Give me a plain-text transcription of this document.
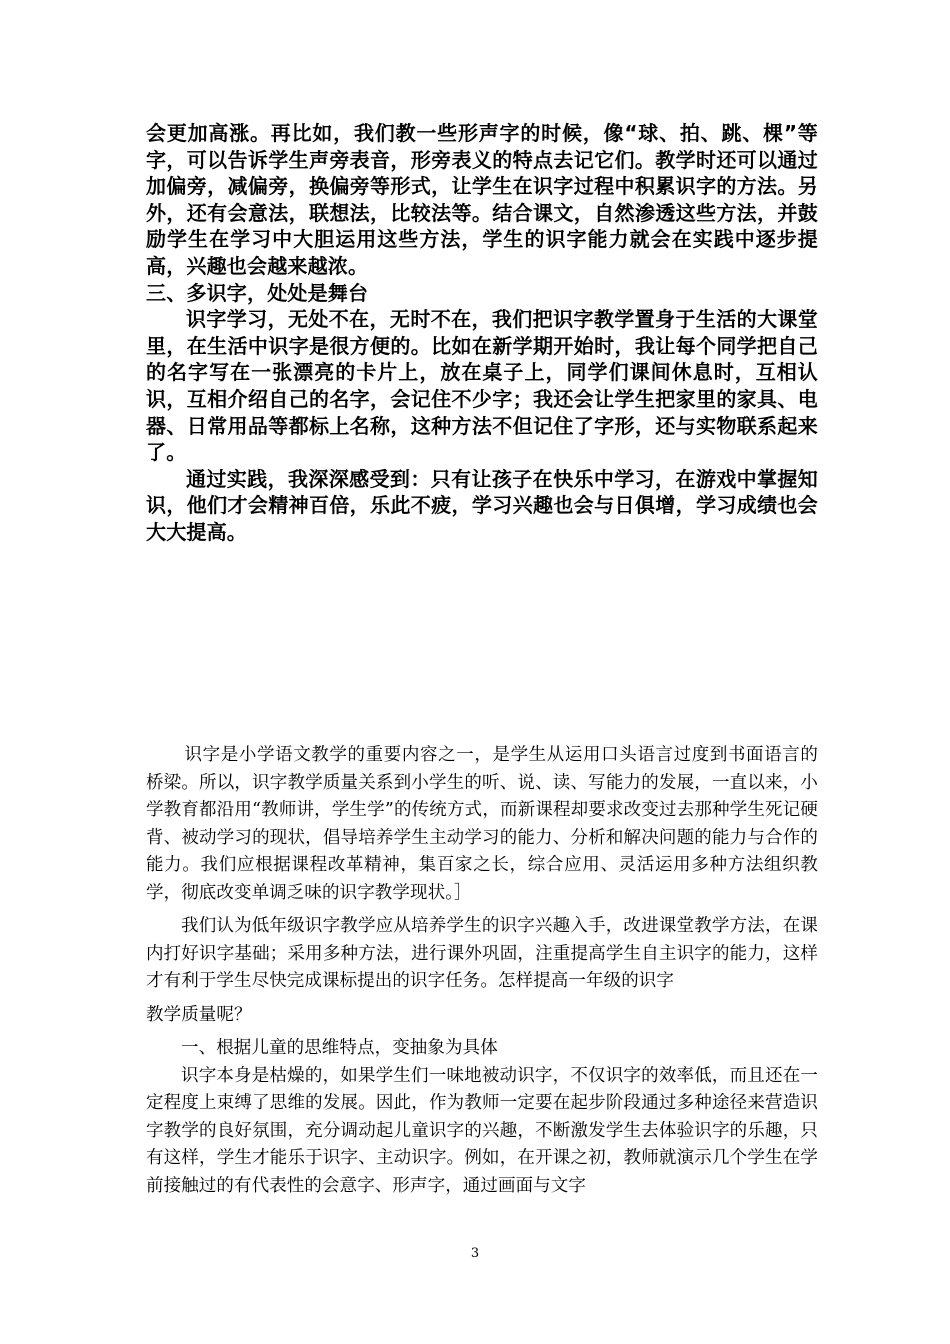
会更加高涨。再比如，我们教一些形声字的时候，像“球、拍、跳、棵”等字，可以告诉学生声旁表音，形旁表义的特点去记它们。教学时还可以通过加偏旁，减偏旁，换偏旁等形式，让学生在识字过程中积累识字的方法。另外，还有会意法，联想法，比较法等。结合课文，自然渗透这些方法，并鼓励学生在学习中大胆运用这些方法，学生的识字能力就会在实践中逐步提高，兴趣也会越来越浓。

三、多识字，处处是舞台

识字学习，无处不在，无时不在，我们把识字教学置身于生活的大课堂里，在生活中识字是很方便的。比如在新学期开始时，我让每个同学把自己的名字写在一张漂亮的卡片上，放在桌子上，同学们课间休息时，互相认识，互相介绍自己的名字，会记住不少字；我还会让学生把家里的家具、电器、日常用品等都标上名称，这种方法不但记住了字形，还与实物联系起来了。

通过实践，我深深感受到：只有让孩子在快乐中学习，在游戏中掌握知识，他们才会精神百倍，乐此不疲，学习兴趣也会与日俱增，学习成绩也会大大提高。

识字是小学语文教学的重要内容之一，是学生从运用口头语言过度到书面语言的桥梁。所以，识字教学质量关系到小学生的听、说、读、写能力的发展，一直以来，小学教育都沿用“教师讲，学生学”的传统方式，而新课程却要求改变过去那种学生死记硬背、被动学习的现状，倡导培养学生主动学习的能力、分析和解决问题的能力与合作的能力。我们应根据课程改革精神，集百家之长，综合应用、灵活运用多种方法组织教学，彻底改变单调乏味的识字教学现状。］

我们认为低年级识字教学应从培养学生的识字兴趣入手，改进课堂教学方法，在课内打好识字基础；采用多种方法，进行课外巩固，注重提高学生自主识字的能力，这样才有利于学生尽快完成课标提出的识字任务。怎样提高一年级的识字

教学质量呢？

一、根据儿童的思维特点，变抽象为具体

识字本身是枯燥的，如果学生们一味地被动识字，不仅识字的效率低，而且还在一定程度上束缚了思维的发展。因此，作为教师一定要在起步阶段通过多种途径来营造识字教学的良好氛围，充分调动起儿童识字的兴趣，不断激发学生去体验识字的乐趣，只有这样，学生才能乐于识字、主动识字。例如，在开课之初，教师就演示几个学生在学前接触过的有代表性的会意字、形声字，通过画面与文字

3
